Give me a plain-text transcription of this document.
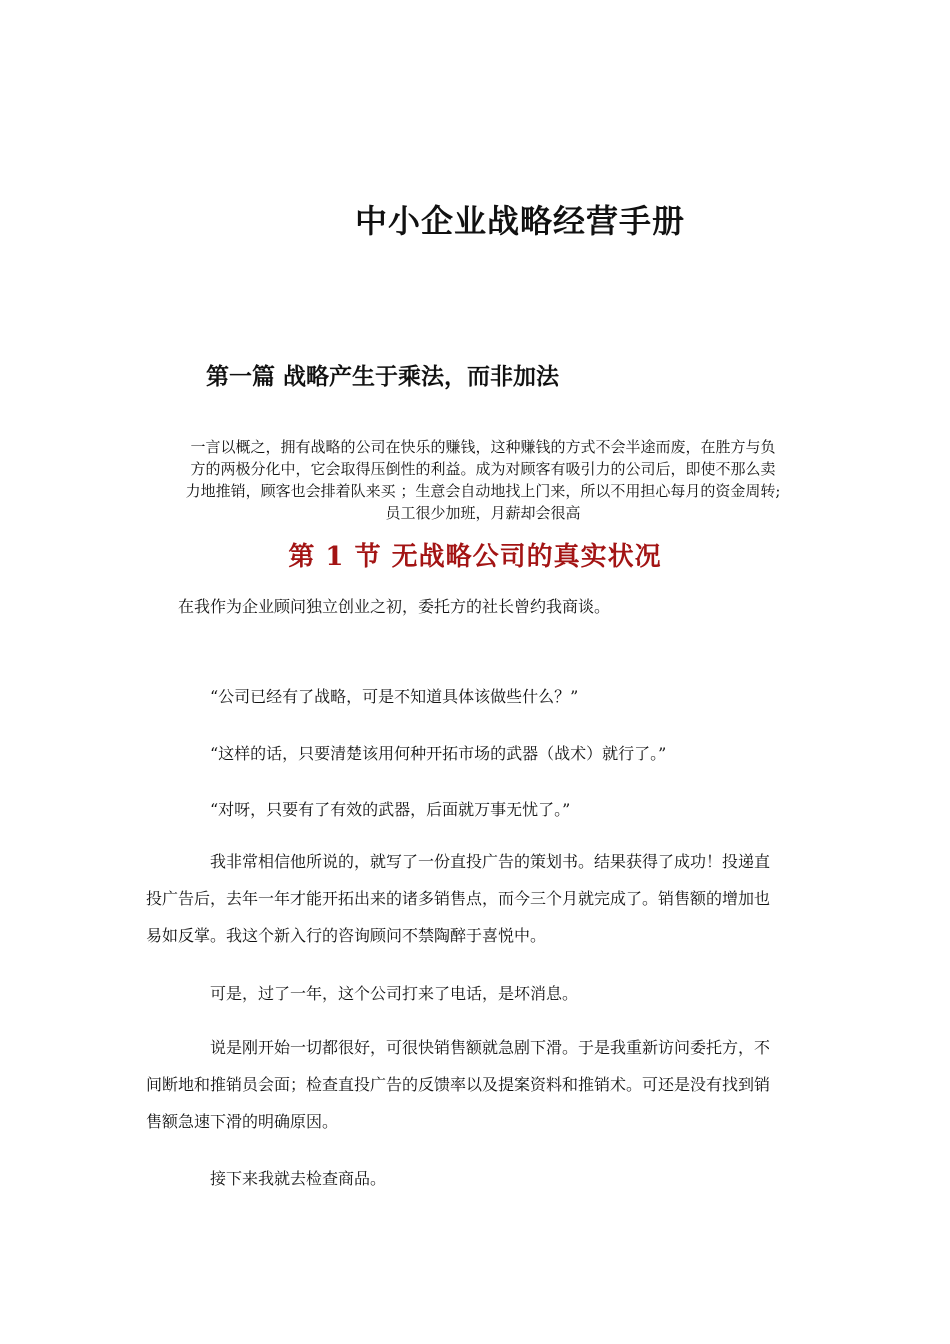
中小企业战略经营手册
第一篇 战略产生于乘法，而非加法
一言以概之，拥有战略的公司在快乐的赚钱，这种赚钱的方式不会半途而废，在胜方与负
方的两极分化中，它会取得压倒性的利益。成为对顾客有吸引力的公司后，即使不那么卖
力地推销，顾客也会排着队来买 ；生意会自动地找上门来，所以不用担心每月的资金周转;
员工很少加班，月薪却会很高
第 1 节 无战略公司的真实状况
在我作为企业顾问独立创业之初，委托方的社长曾约我商谈。
“公司已经有了战略，可是不知道具体该做些什么？”
“这样的话，只要清楚该用何种开拓市场的武器（战术）就行了。”
“对呀，只要有了有效的武器，后面就万事无忧了。”
我非常相信他所说的，就写了一份直投广告的策划书。结果获得了成功！投递直
投广告后，去年一年才能开拓出来的诸多销售点，而今三个月就完成了。销售额的增加也
易如反掌。我这个新入行的咨询顾问不禁陶醉于喜悦中。
可是，过了一年，这个公司打来了电话，是坏消息。
说是刚开始一切都很好，可很快销售额就急剧下滑。于是我重新访问委托方，不
间断地和推销员会面；检查直投广告的反馈率以及提案资料和推销术。可还是没有找到销
售额急速下滑的明确原因。
接下来我就去检查商品。
